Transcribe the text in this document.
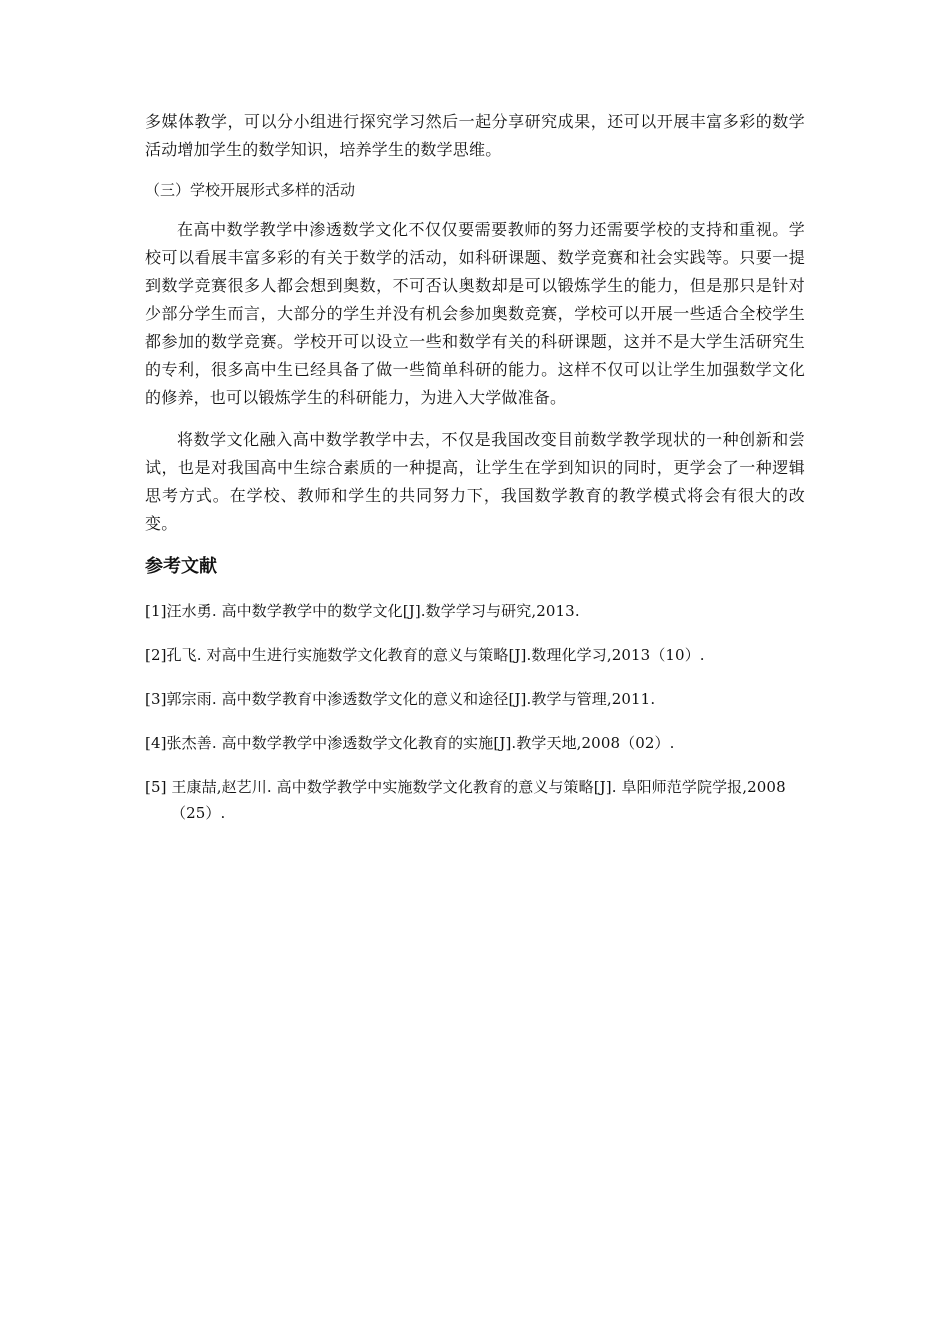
多媒体教学，可以分小组进行探究学习然后一起分享研究成果，还可以开展丰富多彩的数学活动增加学生的数学知识，培养学生的数学思维。

（三）学校开展形式多样的活动

在高中数学教学中渗透数学文化不仅仅要需要教师的努力还需要学校的支持和重视。学校可以看展丰富多彩的有关于数学的活动，如科研课题、数学竞赛和社会实践等。只要一提到数学竞赛很多人都会想到奥数，不可否认奥数却是可以锻炼学生的能力，但是那只是针对少部分学生而言，大部分的学生并没有机会参加奥数竞赛，学校可以开展一些适合全校学生都参加的数学竞赛。学校开可以设立一些和数学有关的科研课题，这并不是大学生活研究生的专利，很多高中生已经具备了做一些简单科研的能力。这样不仅可以让学生加强数学文化的修养，也可以锻炼学生的科研能力，为进入大学做准备。

将数学文化融入高中数学教学中去，不仅是我国改变目前数学教学现状的一种创新和尝试，也是对我国高中生综合素质的一种提高，让学生在学到知识的同时，更学会了一种逻辑思考方式。在学校、教师和学生的共同努力下，我国数学教育的教学模式将会有很大的改变。

参考文献
[1]汪水勇. 高中数学教学中的数学文化[J].数学学习与研究,2013.
[2]孔飞. 对高中生进行实施数学文化教育的意义与策略[J].数理化学习,2013（10）.
[3]郭宗雨. 高中数学教育中渗透数学文化的意义和途径[J].教学与管理,2011.
[4]张杰善. 高中数学教学中渗透数学文化教育的实施[J].教学天地,2008（02）.
[5] 王康喆,赵艺川. 高中数学教学中实施数学文化教育的意义与策略[J]. 阜阳师范学院学报,2008（25）.
